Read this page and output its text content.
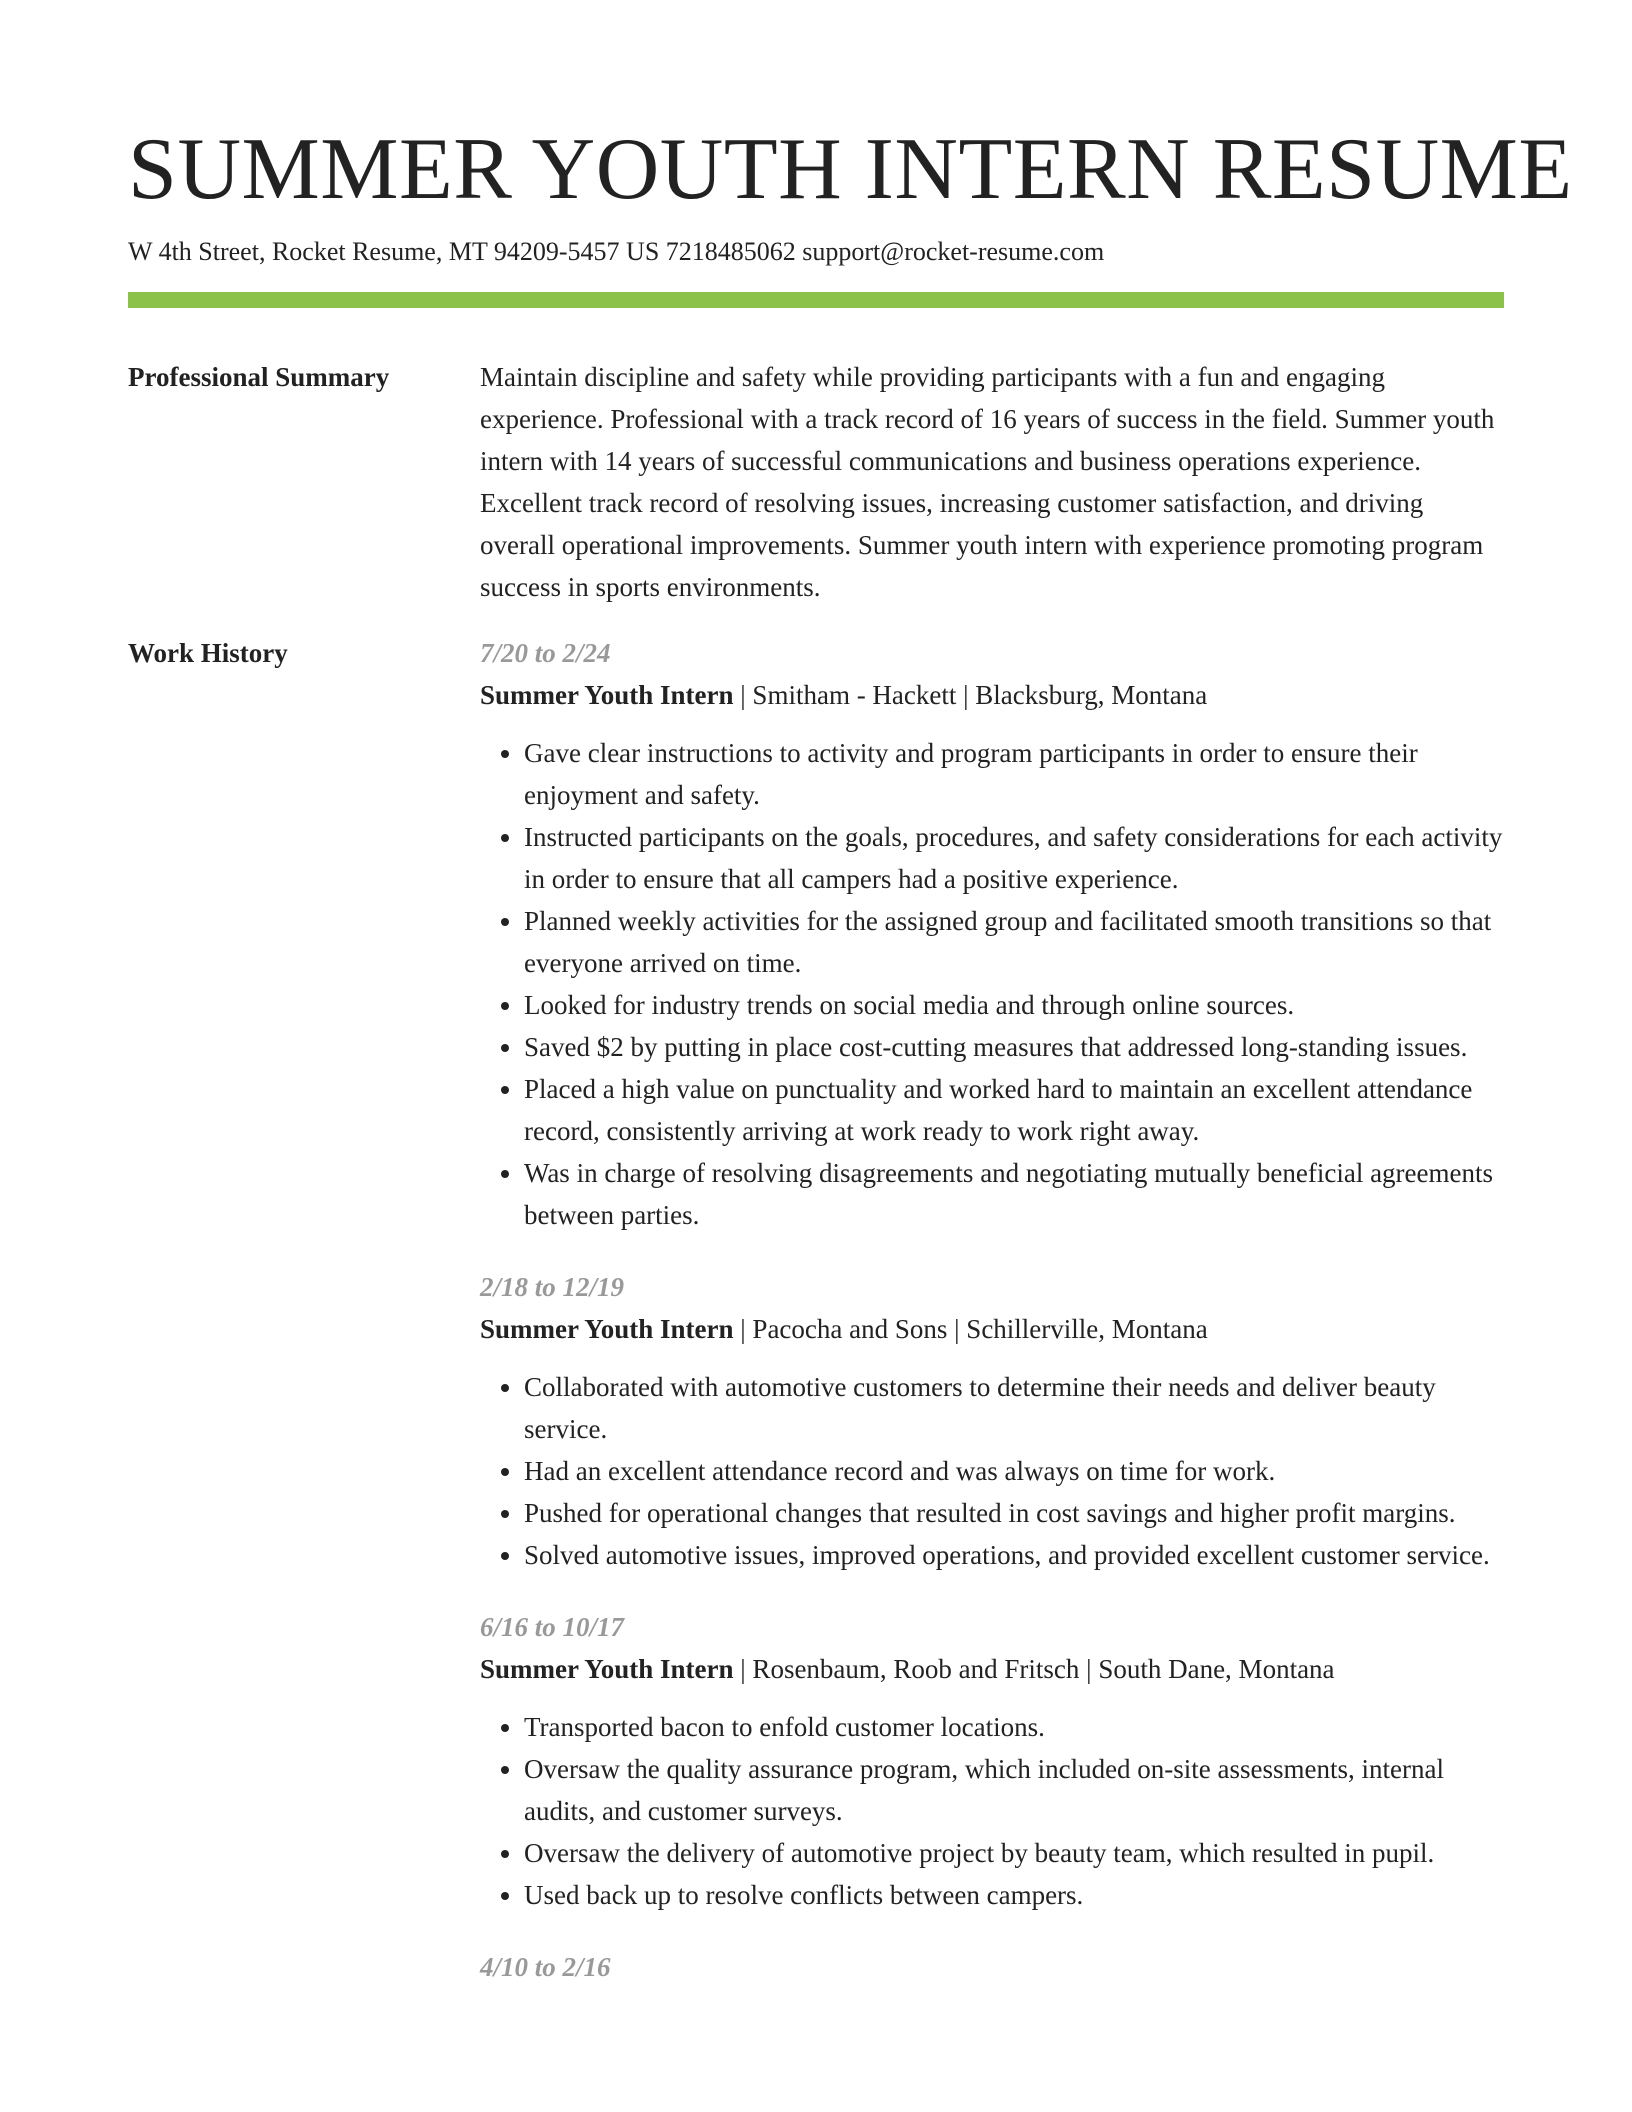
SUMMER YOUTH INTERN RESUME
W 4th Street, Rocket Resume, MT 94209-5457 US 7218485062 support@rocket-resume.com
Professional Summary	Maintain discipline and safety while providing participants with a fun and engaging experience. Professional with a track record of 16 years of success in the field. Summer youth intern with 14 years of successful communications and business operations experience. Excellent track record of resolving issues, increasing customer satisfaction, and driving overall operational improvements. Summer youth intern with experience promoting program success in sports environments.
Work History	7/20 to 2/24
Summer Youth Intern | Smitham - Hackett | Blacksburg, Montana
• Gave clear instructions to activity and program participants in order to ensure their enjoyment and safety.
• Instructed participants on the goals, procedures, and safety considerations for each activity in order to ensure that all campers had a positive experience.
• Planned weekly activities for the assigned group and facilitated smooth transitions so that everyone arrived on time.
• Looked for industry trends on social media and through online sources.
• Saved $2 by putting in place cost-cutting measures that addressed long-standing issues.
• Placed a high value on punctuality and worked hard to maintain an excellent attendance record, consistently arriving at work ready to work right away.
• Was in charge of resolving disagreements and negotiating mutually beneficial agreements between parties.
2/18 to 12/19
Summer Youth Intern | Pacocha and Sons | Schillerville, Montana
• Collaborated with automotive customers to determine their needs and deliver beauty service.
• Had an excellent attendance record and was always on time for work.
• Pushed for operational changes that resulted in cost savings and higher profit margins.
• Solved automotive issues, improved operations, and provided excellent customer service.
6/16 to 10/17
Summer Youth Intern | Rosenbaum, Roob and Fritsch | South Dane, Montana
• Transported bacon to enfold customer locations.
• Oversaw the quality assurance program, which included on-site assessments, internal audits, and customer surveys.
• Oversaw the delivery of automotive project by beauty team, which resulted in pupil.
• Used back up to resolve conflicts between campers.
4/10 to 2/16
